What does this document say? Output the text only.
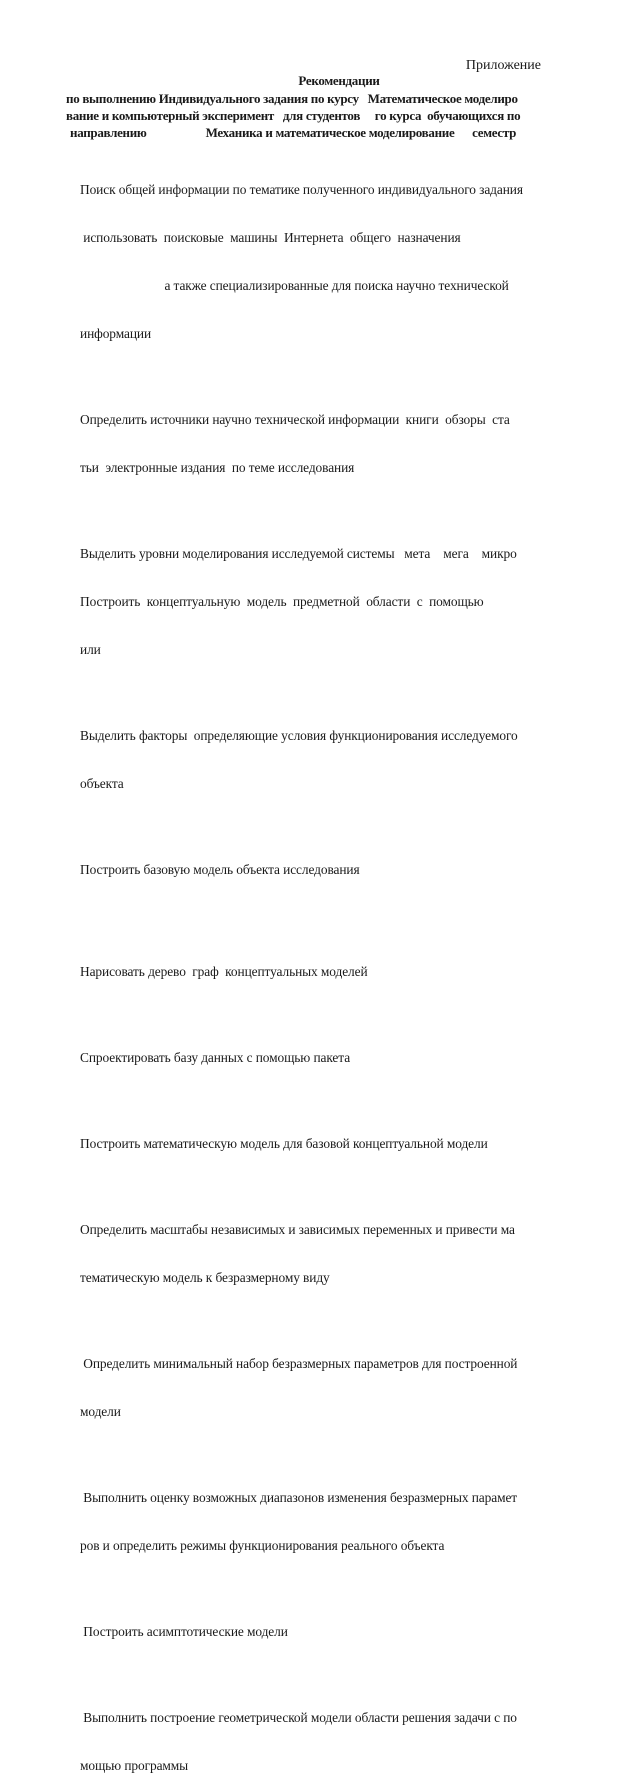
Приложение
Рекомендации
по выполнению Индивидуального задания по курсу   Математическое моделиро
вание и компьютерный эксперимент   для студентов     го курса  обучающихся по
направлению                    Механика и математическое моделирование      семестр

Поиск общей информации по тематике полученного индивидуального задания

использовать  поисковые  машины  Интернета  общего  назначения

а также специализированные для поиска научно технической

информации

Определить источники научно технической информации  книги  обзоры  ста

тьи  электронные издания  по теме исследования

Выделить уровни моделирования исследуемой системы   мета    мега    микро

Построить  концептуальную  модель  предметной  области  с  помощью

или

Выделить факторы  определяющие условия функционирования исследуемого

объекта

Построить базовую модель объекта исследования

Нарисовать дерево  граф  концептуальных моделей

Спроектировать базу данных с помощью пакета

Построить математическую модель для базовой концептуальной модели

Определить масштабы независимых и зависимых переменных и привести ма

тематическую модель к безразмерному виду

Определить минимальный набор безразмерных параметров для построенной

модели

Выполнить оценку возможных диапазонов изменения безразмерных парамет

ров и определить режимы функционирования реального объекта

Построить асимптотические модели

Выполнить построение геометрической модели области решения задачи с по

мощью программы
